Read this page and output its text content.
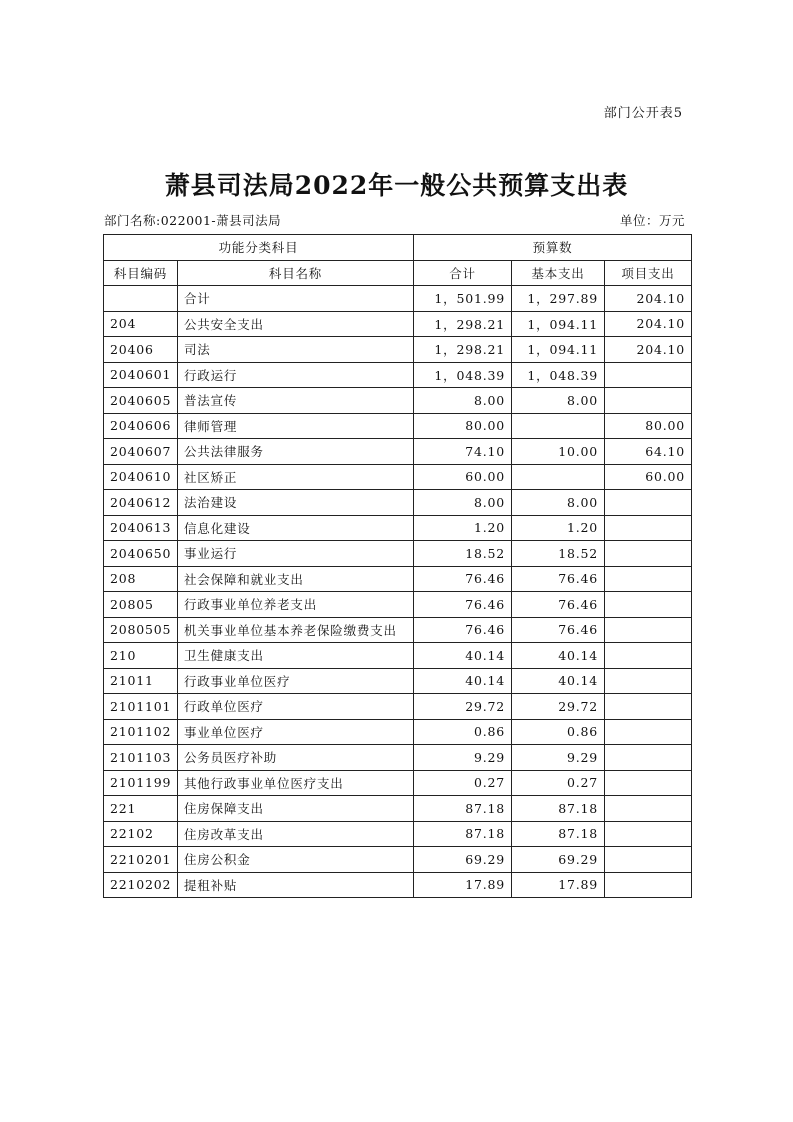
部门公开表5
萧县司法局2022年一般公共预算支出表
部门名称:022001-萧县司法局	单位：万元
功能分类科目		预算数		
科目编码	科目名称	合计	基本支出	项目支出
	合计	1，501.99	1，297.89	204.10
204	公共安全支出	1，298.21	1，094.11	204.10
20406	司法	1，298.21	1，094.11	204.10
2040601	行政运行	1，048.39	1，048.39	
2040605	普法宣传	8.00	8.00	
2040606	律师管理	80.00		80.00
2040607	公共法律服务	74.10	10.00	64.10
2040610	社区矫正	60.00		60.00
2040612	法治建设	8.00	8.00	
2040613	信息化建设	1.20	1.20	
2040650	事业运行	18.52	18.52	
208	社会保障和就业支出	76.46	76.46	
20805	行政事业单位养老支出	76.46	76.46	
2080505	机关事业单位基本养老保险缴费支出	76.46	76.46	
210	卫生健康支出	40.14	40.14	
21011	行政事业单位医疗	40.14	40.14	
2101101	行政单位医疗	29.72	29.72	
2101102	事业单位医疗	0.86	0.86	
2101103	公务员医疗补助	9.29	9.29	
2101199	其他行政事业单位医疗支出	0.27	0.27	
221	住房保障支出	87.18	87.18	
22102	住房改革支出	87.18	87.18	
2210201	住房公积金	69.29	69.29	
2210202	提租补贴	17.89	17.89	
